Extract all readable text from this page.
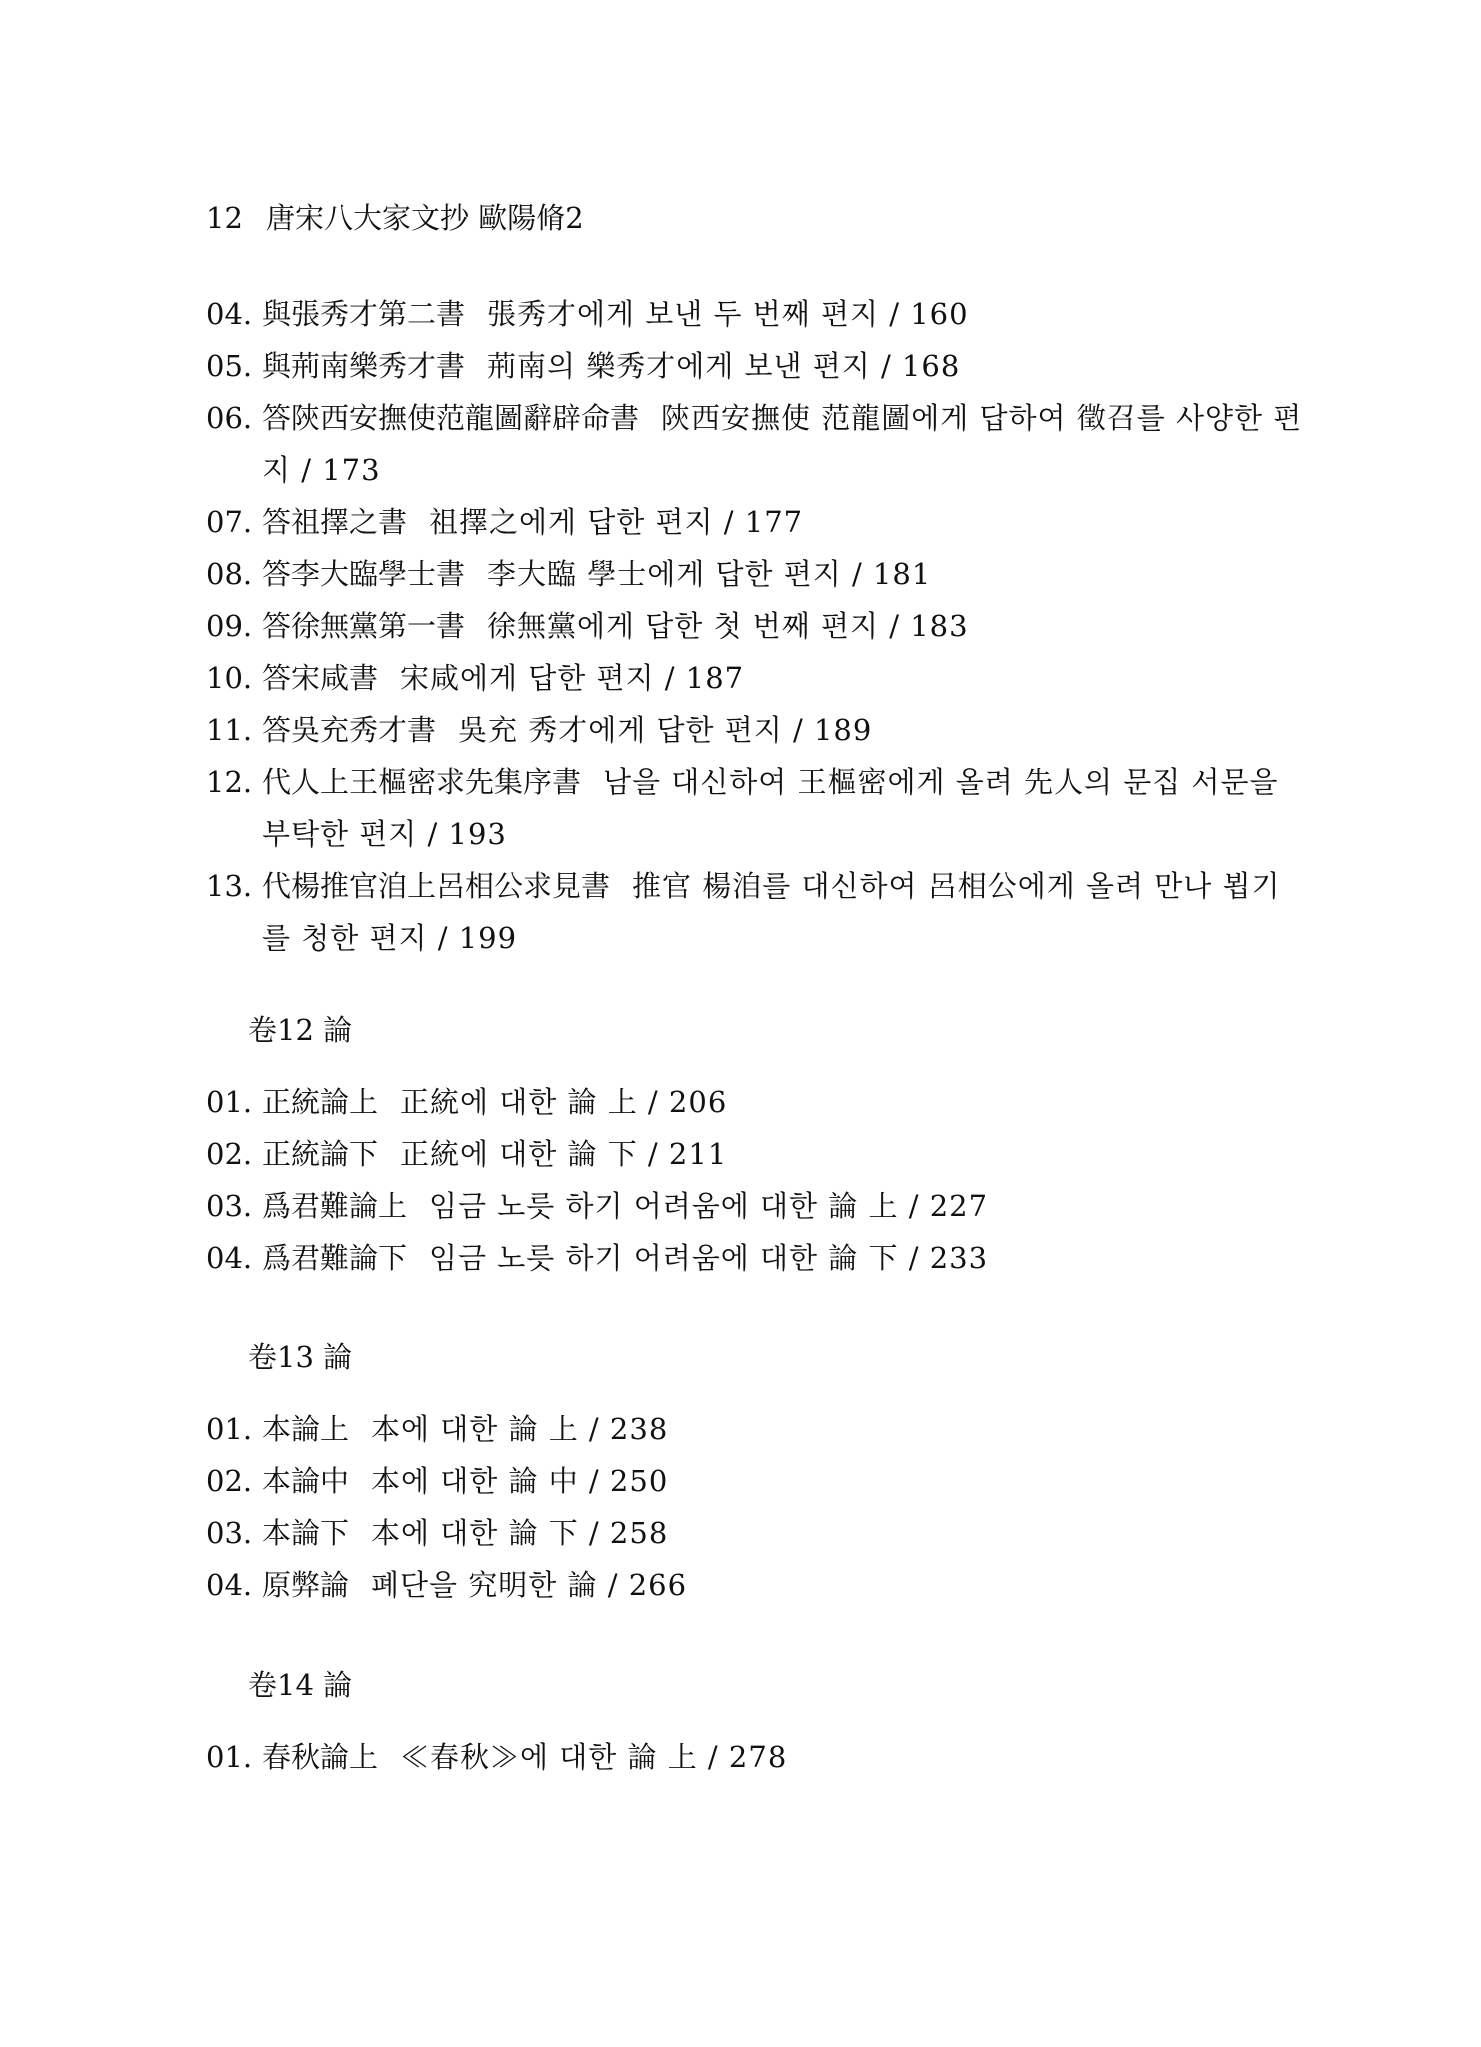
12 唐宋八大家文抄 歐陽脩2
04. 與張秀才第二書 張秀才에게 보낸 두 번째 편지 / 160
05. 與荊南樂秀才書 荊南의 樂秀才에게 보낸 편지 / 168
06. 答陝西安撫使范龍圖辭辟命書 陝西安撫使 范龍圖에게 답하여 徵召를 사양한 편지 / 173
07. 答祖擇之書 祖擇之에게 답한 편지 / 177
08. 答李大臨學士書 李大臨 學士에게 답한 편지 / 181
09. 答徐無黨第一書 徐無黨에게 답한 첫 번째 편지 / 183
10. 答宋咸書 宋咸에게 답한 편지 / 187
11. 答吳充秀才書 吳充 秀才에게 답한 편지 / 189
12. 代人上王樞密求先集序書 남을 대신하여 王樞密에게 올려 先人의 문집 서문을 부탁한 편지 / 193
13. 代楊推官洎上呂相公求見書 推官 楊洎를 대신하여 呂相公에게 올려 만나 뵙기를 청한 편지 / 199
卷12 論
01. 正統論上 正統에 대한 論 上 / 206
02. 正統論下 正統에 대한 論 下 / 211
03. 爲君難論上 임금 노릇 하기 어려움에 대한 論 上 / 227
04. 爲君難論下 임금 노릇 하기 어려움에 대한 論 下 / 233
卷13 論
01. 本論上 本에 대한 論 上 / 238
02. 本論中 本에 대한 論 中 / 250
03. 本論下 本에 대한 論 下 / 258
04. 原弊論 폐단을 究明한 論 / 266
卷14 論
01. 春秋論上 ≪春秋≫에 대한 論 上 / 278
